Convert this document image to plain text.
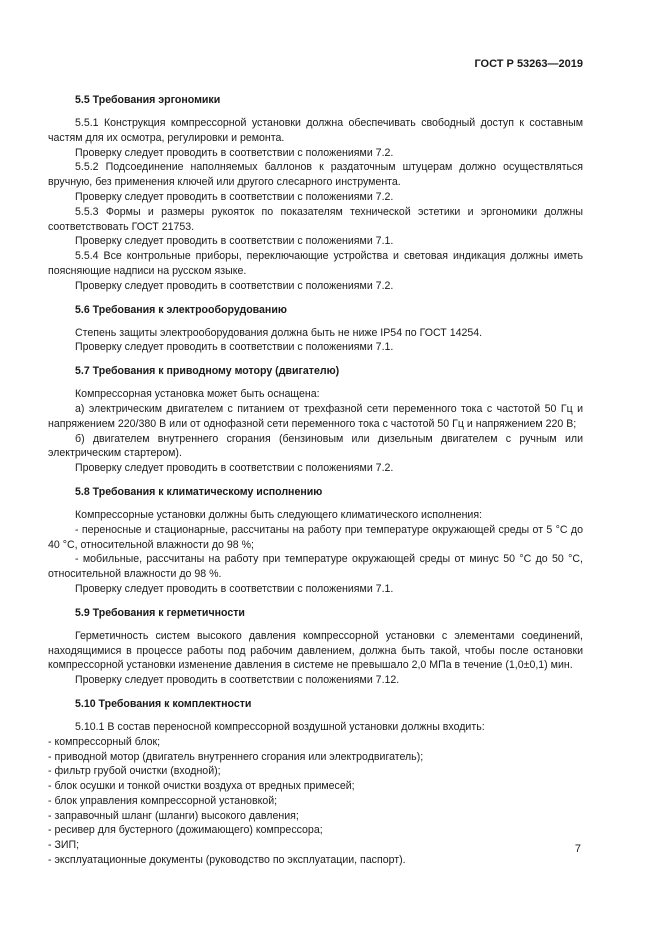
ГОСТ Р 53263—2019
5.5 Требования эргономики

5.5.1 Конструкция компрессорной установки должна обеспечивать свободный доступ к составным частям для их осмотра, регулировки и ремонта.

Проверку следует проводить в соответствии с положениями 7.2.

5.5.2 Подсоединение наполняемых баллонов к раздаточным штуцерам должно осуществляться вручную, без применения ключей или другого слесарного инструмента.

Проверку следует проводить в соответствии с положениями 7.2.

5.5.3 Формы и размеры рукояток по показателям технической эстетики и эргономики должны соответствовать ГОСТ 21753.

Проверку следует проводить в соответствии с положениями 7.1.

5.5.4 Все контрольные приборы, переключающие устройства и световая индикация должны иметь поясняющие надписи на русском языке.

Проверку следует проводить в соответствии с положениями 7.2.

5.6 Требования к электрооборудованию

Степень защиты электрооборудования должна быть не ниже IP54 по ГОСТ 14254.

Проверку следует проводить в соответствии с положениями 7.1.

5.7 Требования к приводному мотору (двигателю)

Компрессорная установка может быть оснащена:

а) электрическим двигателем с питанием от трехфазной сети переменного тока с частотой 50 Гц и напряжением 220/380 В или от однофазной сети переменного тока с частотой 50 Гц и напряжением 220 В;

б) двигателем внутреннего сгорания (бензиновым или дизельным двигателем с ручным или электрическим стартером).

Проверку следует проводить в соответствии с положениями 7.2.

5.8 Требования к климатическому исполнению

Компрессорные установки должны быть следующего климатического исполнения:

- переносные и стационарные, рассчитаны на работу при температуре окружающей среды от 5 °С до 40 °С, относительной влажности до 98 %;

- мобильные, рассчитаны на работу при температуре окружающей среды от минус 50 °С до 50 °С, относительной влажности до 98 %.

Проверку следует проводить в соответствии с положениями 7.1.

5.9 Требования к герметичности

Герметичность систем высокого давления компрессорной установки с элементами соединений, находящимися в процессе работы под рабочим давлением, должна быть такой, чтобы после остановки компрессорной установки изменение давления в системе не превышало 2,0 МПа в течение (1,0±0,1) мин.

Проверку следует проводить в соответствии с положениями 7.12.

5.10 Требования к комплектности

5.10.1 В состав переносной компрессорной воздушной установки должны входить:

- компрессорный блок;

- приводной мотор (двигатель внутреннего сгорания или электродвигатель);

- фильтр грубой очистки (входной);

- блок осушки и тонкой очистки воздуха от вредных примесей;

- блок управления компрессорной установкой;

- заправочный шланг (шланги) высокого давления;

- ресивер для бустерного (дожимающего) компрессора;

- ЗИП;

- эксплуатационные документы (руководство по эксплуатации, паспорт).

7
